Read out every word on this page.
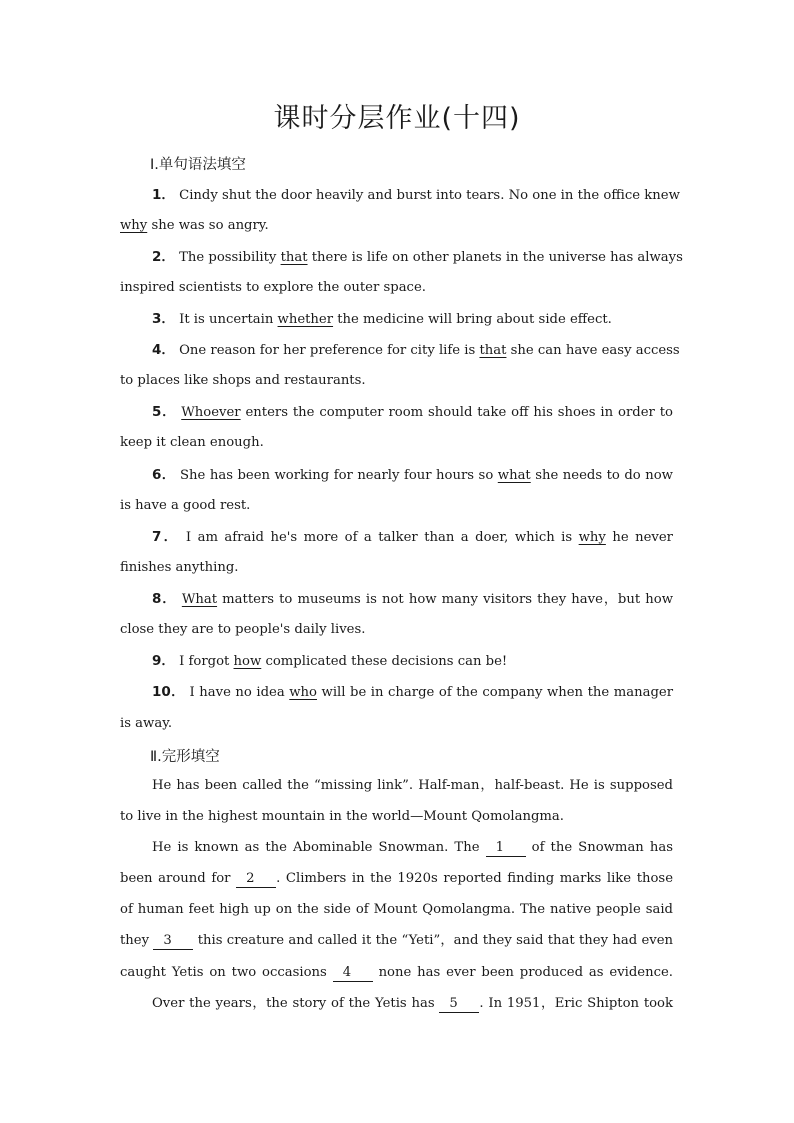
课时分层作业(十四)
Ⅰ.单句语法填空
1． Cindy shut the door heavily and burst into tears. No one in the office knew
why she was so angry.
2． The possibility that there is life on other planets in the universe has always
inspired scientists to explore the outer space.
3． It is uncertain whether the medicine will bring about side effect.
4． One reason for her preference for city life is that she can have easy access
to places like shops and restaurants.
5． Whoever enters the computer room should take off his shoes in order to
keep it clean enough.
6． She has been working for nearly four hours so what she needs to do now
is have a good rest.
7． I am afraid he's more of a talker than a doer, which is why he never
finishes anything.
8． What matters to museums is not how many visitors they have，but how
close they are to people's daily lives.
9． I forgot how complicated these decisions can be!
10． I have no idea who will be in charge of the company when the manager
is away.
Ⅱ.完形填空
He has been called the “missing link”. Half-man，half-beast. He is supposed
to live in the highest mountain in the world—Mount Qomolangma.
He is known as the Abominable Snowman. The 1 of the Snowman has
been around for 2 . Climbers in the 1920s reported finding marks like those
of human feet high up on the side of Mount Qomolangma. The native people said
they 3 this creature and called it the “Yeti”，and they said that they had even
caught Yetis on two occasions 4 none has ever been produced as evidence.
Over the years，the story of the Yetis has 5 . In 1951，Eric Shipton took
